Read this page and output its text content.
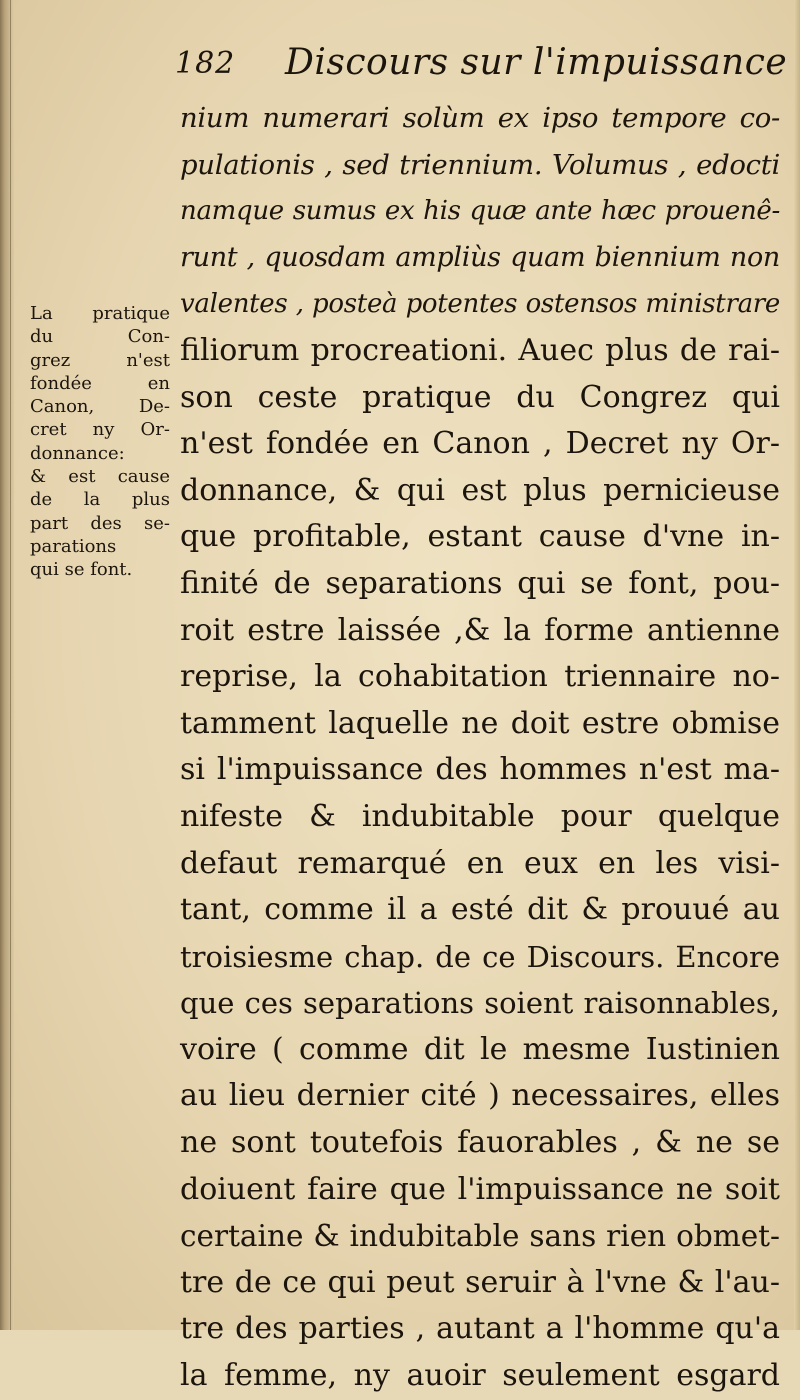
182 Discours sur l'impuissance
La pratique
du Con-
grez n'est
fondée en
Canon, De-
cret ny Or-
donnance:
& est cause
de la plus
part des se-
parations
qui se font.
nium numerari solùm ex ipso tempore co-
pulationis , sed triennium. Volumus , edocti
namque sumus ex his quæ ante hæc prouenê-
runt , quosdam ampliùs quam biennium non
valentes , posteà potentes ostensos ministrare
filiorum procreationi. Auec plus de rai-
son ceste pratique du Congrez qui
n'est fondée en Canon , Decret ny Or-
donnance, & qui est plus pernicieuse
que profitable, estant cause d'vne in-
finité de separations qui se font, pou-
roit estre laissée ,& la forme antienne
reprise, la cohabitation triennaire no-
tamment laquelle ne doit estre obmise
si l'impuissance des hommes n'est ma-
nifeste & indubitable pour quelque
defaut remarqué en eux en les visi-
tant, comme il a esté dit & prouué au
troisiesme chap. de ce Discours. Encore
que ces separations soient raisonnables,
voire ( comme dit le mesme Iustinien
au lieu dernier cité ) necessaires, elles
ne sont toutefois fauorables , & ne se
doiuent faire que l'impuissance ne soit
certaine & indubitable sans rien obmet-
tre de ce qui peut seruir à l'vne & l'au-
tre des parties , autant a l'homme qu'a
la femme, ny auoir seulement esgard
